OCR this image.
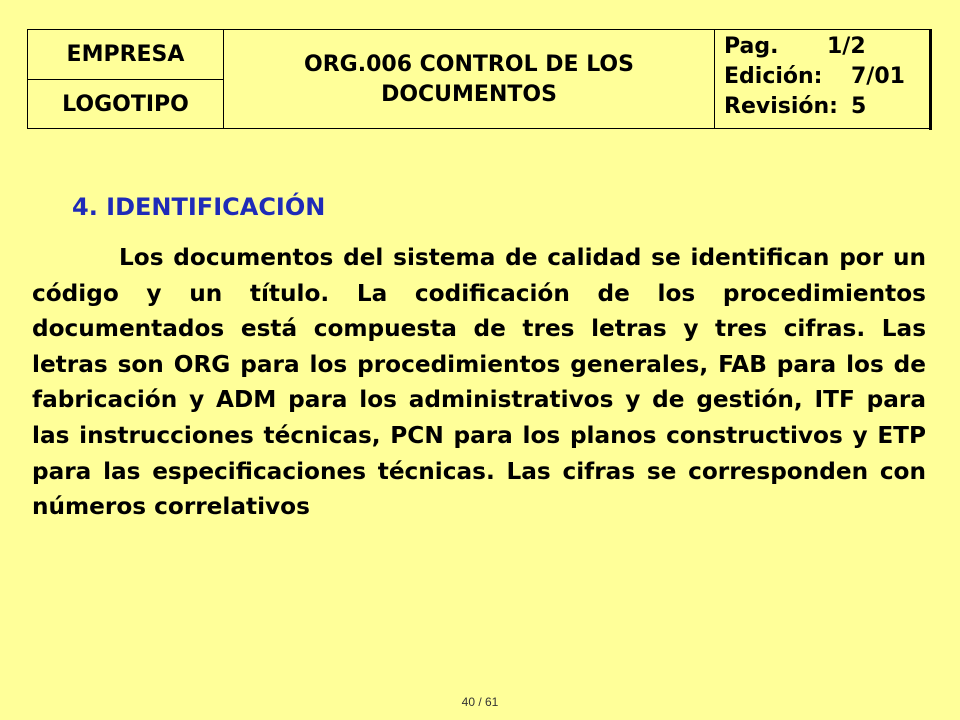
EMPRESA
LOGOTIPO
ORG.006 CONTROL DE LOS
DOCUMENTOS
Pag. 1/2
Edición: 7/01
Revisión: 5
4. IDENTIFICACIÓN

Los documentos del sistema de calidad se identifican por un código y un título. La codificación de los procedimientos documentados está compuesta de tres letras y tres cifras. Las letras son ORG para los procedimientos generales, FAB para los de fabricación y ADM para los administrativos y de gestión, ITF para las instrucciones técnicas, PCN para los planos constructivos y ETP para las especificaciones técnicas. Las cifras se corresponden con números correlativos

40 / 61
